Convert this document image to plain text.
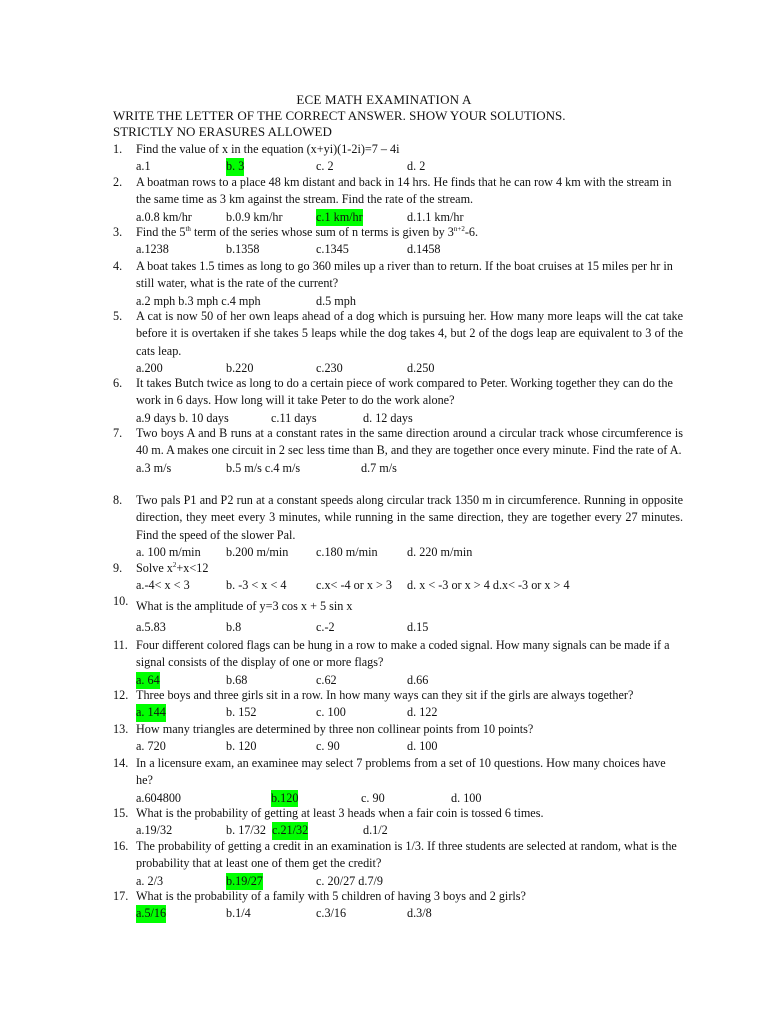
ECE MATH EXAMINATION A
WRITE THE LETTER OF THE CORRECT ANSWER. SHOW YOUR SOLUTIONS.
STRICTLY NO ERASURES ALLOWED
1. Find the value of x in the equation (x+yi)(1-2i)=7 – 4i
a.1	b. 3	c. 2	d. 2
2. A boatman rows to a place 48 km distant and back in 14 hrs. He finds that he can row 4 km with the stream in the same time as 3 km against the stream. Find the rate of the stream.
a.0.8 km/hr	b.0.9 km/hr	c.1 km/hr	d.1.1 km/hr
3. Find the 5th term of the series whose sum of n terms is given by $3^{n+2}-6$.
a.1238	b.1358	c.1345	d.1458
4. A boat takes 1.5 times as long to go 360 miles up a river than to return. If the boat cruises at 15 miles per hr in still water, what is the rate of the current?
a.2 mph b.3 mph c.4 mph	d.5 mph
5. A cat is now 50 of her own leaps ahead of a dog which is pursuing her. How many more leaps will the cat take before it is overtaken if she takes 5 leaps while the dog takes 4, but 2 of the dogs leap are equivalent to 3 of the cats leap.
a.200	b.220	c.230	d.250
6. It takes Butch twice as long to do a certain piece of work compared to Peter. Working together they can do the work in 6 days. How long will it take Peter to do the work alone?
a.9 days b. 10 days	c.11 days	d. 12 days
7. Two boys A and B runs at a constant rates in the same direction around a circular track whose circumference is 40 m. A makes one circuit in 2 sec less time than B, and they are together once every minute. Find the rate of A.
a.3 m/s	b.5 m/s c.4 m/s	d.7 m/s
8. Two pals P1 and P2 run at a constant speeds along circular track 1350 m in circumference. Running in opposite direction, they meet every 3 minutes, while running in the same direction, they are together every 27 minutes. Find the speed of the slower Pal.
a. 100 m/min b.200 m/min c.180 m/min d. 220 m/min
9. Solve $x^2+x<12$
a.-4< x < 3	b. -3 < x < 4 c.x< -4 or x > 3 d. x < -3 or x > 4 d.x< -3 or x > 4
10. What is the amplitude of y=3 cos x + 5 sin x
a.5.83	b.8	c.-2	d.15
11. Four different colored flags can be hung in a row to make a coded signal. How many signals can be made if a signal consists of the display of one or more flags?
a. 64	b.68	c.62	d.66
12. Three boys and three girls sit in a row. In how many ways can they sit if the girls are always together?
a. 144	b. 152	c. 100	d. 122
13. How many triangles are determined by three non collinear points from 10 points?
a. 720	b. 120	c. 90	d. 100
14. In a licensure exam, an examinee may select 7 problems from a set of 10 questions. How many choices have he?
a.604800	b.120	c. 90	d. 100
15. What is the probability of getting at least 3 heads when a fair coin is tossed 6 times.
a.19/32	b. 17/32 c.21/32	d.1/2
16. The probability of getting a credit in an examination is 1/3. If three students are selected at random, what is the probability that at least one of them get the credit?
a. 2/3	b.19/27	c. 20/27 d.7/9
17. What is the probability of a family with 5 children of having 3 boys and 2 girls?
a.5/16	b.1/4	c.3/16	d.3/8
